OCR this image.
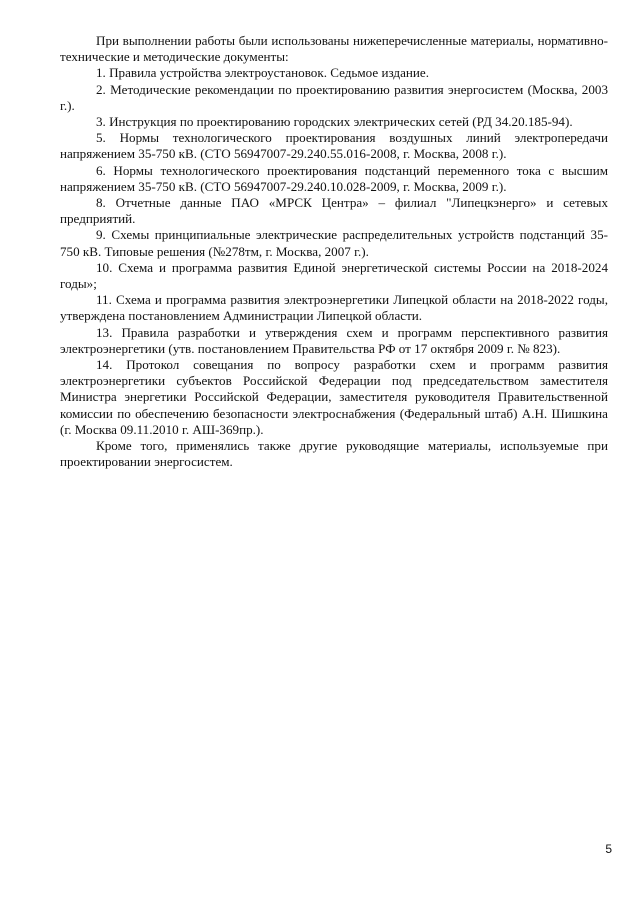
При выполнении работы были использованы нижеперечисленные материалы, нормативно-технические и методические документы:

1. Правила устройства электроустановок. Седьмое издание.

2. Методические рекомендации по проектированию развития энергосистем (Москва, 2003 г.).

3. Инструкция по проектированию городских электрических сетей (РД 34.20.185-94).

5. Нормы технологического проектирования воздушных линий электропередачи напряжением 35-750 кВ. (СТО 56947007-29.240.55.016-2008, г. Москва, 2008 г.).

6. Нормы технологического проектирования подстанций переменного тока с высшим напряжением 35-750 кВ. (СТО 56947007-29.240.10.028-2009, г. Москва, 2009 г.).

8. Отчетные данные ПАО «МРСК Центра» – филиал "Липецкэнерго» и сетевых предприятий.

9. Схемы принципиальные электрические распределительных устройств подстанций 35-750 кВ. Типовые решения (№278тм, г. Москва, 2007 г.).

10. Схема и программа развития Единой энергетической системы России на 2018-2024 годы»;

11. Схема и программа развития электроэнергетики Липецкой области на 2018-2022 годы, утверждена постановлением Администрации Липецкой области.

13. Правила разработки и утверждения схем и программ перспективного развития электроэнергетики (утв. постановлением Правительства РФ от 17 октября 2009 г. № 823).

14. Протокол совещания по вопросу разработки схем и программ развития электроэнергетики субъектов Российской Федерации под председательством заместителя Министра энергетики Российской Федерации, заместителя руководителя Правительственной комиссии по обеспечению безопасности электроснабжения (Федеральный штаб) А.Н. Шишкина (г. Москва 09.11.2010 г. АШ-369пр.).

Кроме того, применялись также другие руководящие материалы, используемые при проектировании энергосистем.

5
